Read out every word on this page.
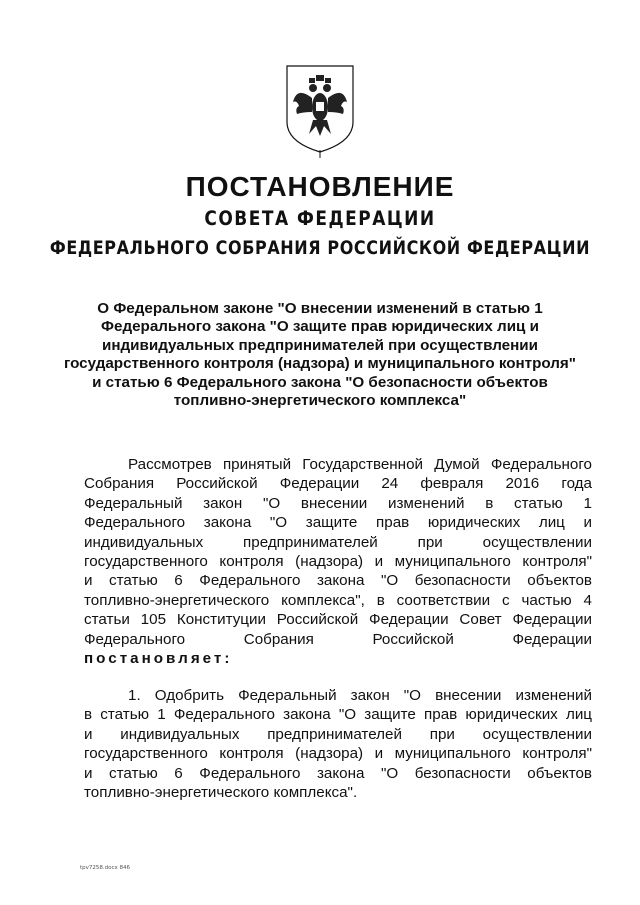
ПОСТАНОВЛЕНИЕ
СОВЕТА ФЕДЕРАЦИИ
ФЕДЕРАЛЬНОГО СОБРАНИЯ РОССИЙСКОЙ ФЕДЕРАЦИИ
О Федеральном законе "О внесении изменений в статью 1
Федерального закона "О защите прав юридических лиц и
индивидуальных предпринимателей при осуществлении
государственного контроля (надзора) и муниципального контроля"
и статью 6 Федерального закона "О безопасности объектов
топливно-энергетического комплекса"
Рассмотрев принятый Государственной Думой Федерального
Собрания Российской Федерации 24 февраля 2016 года
Федеральный закон "О внесении изменений в статью 1
Федерального закона "О защите прав юридических лиц и
индивидуальных предпринимателей при осуществлении
государственного контроля (надзора) и муниципального контроля"
и статью 6 Федерального закона "О безопасности объектов
топливно-энергетического комплекса", в соответствии с частью 4
статьи 105 Конституции Российской Федерации Совет Федерации
Федерального Собрания Российской Федерации
постановляет:
1. Одобрить Федеральный закон "О внесении изменений
в статью 1 Федерального закона "О защите прав юридических лиц
и индивидуальных предпринимателей при осуществлении
государственного контроля (надзора) и муниципального контроля"
и статью 6 Федерального закона "О безопасности объектов
топливно-энергетического комплекса".
tpv7258.docx 846
